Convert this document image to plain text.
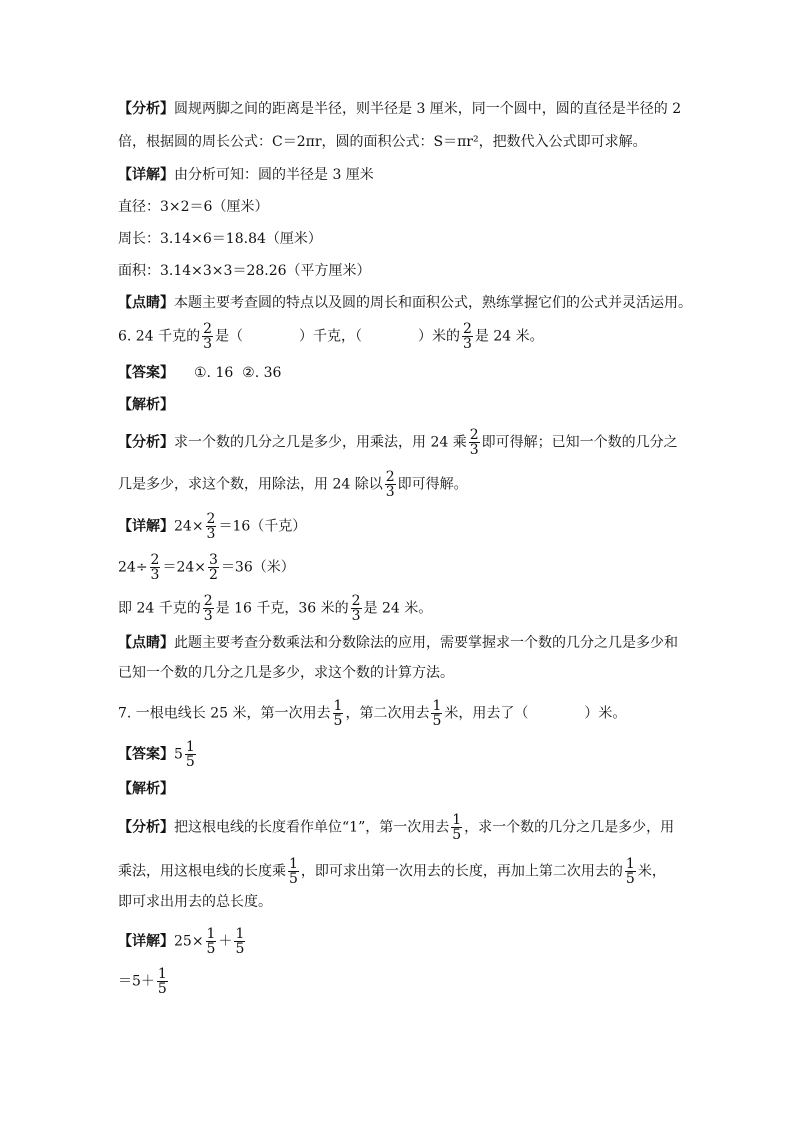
【分析】圆规两脚之间的距离是半径，则半径是 3 厘米，同一个圆中，圆的直径是半径的 2
倍，根据圆的周长公式：C＝2πr，圆的面积公式：S＝πr²，把数代入公式即可求解。
【详解】由分析可知：圆的半径是 3 厘米
直径：3×2＝6（厘米）
周长：3.14×6＝18.84（厘米）
面积：3.14×3×3＝28.26（平方厘米）
【点睛】本题主要考查圆的特点以及圆的周长和面积公式，熟练掌握它们的公式并灵活运用。
6. 24 千克的 $\frac{2}{3}$ 是（	）千克，（	）米的 $\frac{2}{3}$ 是 24 米。
【答案】 ①. 16  ②. 36
【解析】
【分析】求一个数的几分之几是多少，用乘法，用 24 乘 $\frac{2}{3}$ 即可得解；已知一个数的几分之
几是多少，求这个数，用除法，用 24 除以 $\frac{2}{3}$ 即可得解。
【详解】$24\times \frac{2}{3} =16$（千克）
$24\div \frac{2}{3} =24\times \frac{3}{2} =36$（米）
即 24 千克的 $\frac{2}{3}$ 是 16 千克，36 米的 $\frac{2}{3}$ 是 24 米。
【点睛】此题主要考查分数乘法和分数除法的应用，需要掌握求一个数的几分之几是多少和
已知一个数的几分之几是多少，求这个数的计算方法。
7. 一根电线长 25 米，第一次用去 $\frac{1}{5}$ ，第二次用去 $\frac{1}{5}$ 米，用去了（	）米。
【答案】$5 \frac{1}{5}$
【解析】
【分析】把这根电线的长度看作单位“1”，第一次用去 $\frac{1}{5}$ ，求一个数的几分之几是多少，用
乘法，用这根电线的长度乘 $\frac{1}{5}$ ，即可求出第一次用去的长度，再加上第二次用去的 $\frac{1}{5}$ 米，
即可求出用去的总长度。
【详解】$25\times \frac{1}{5} + \frac{1}{5}$
$=5+ \frac{1}{5}$
